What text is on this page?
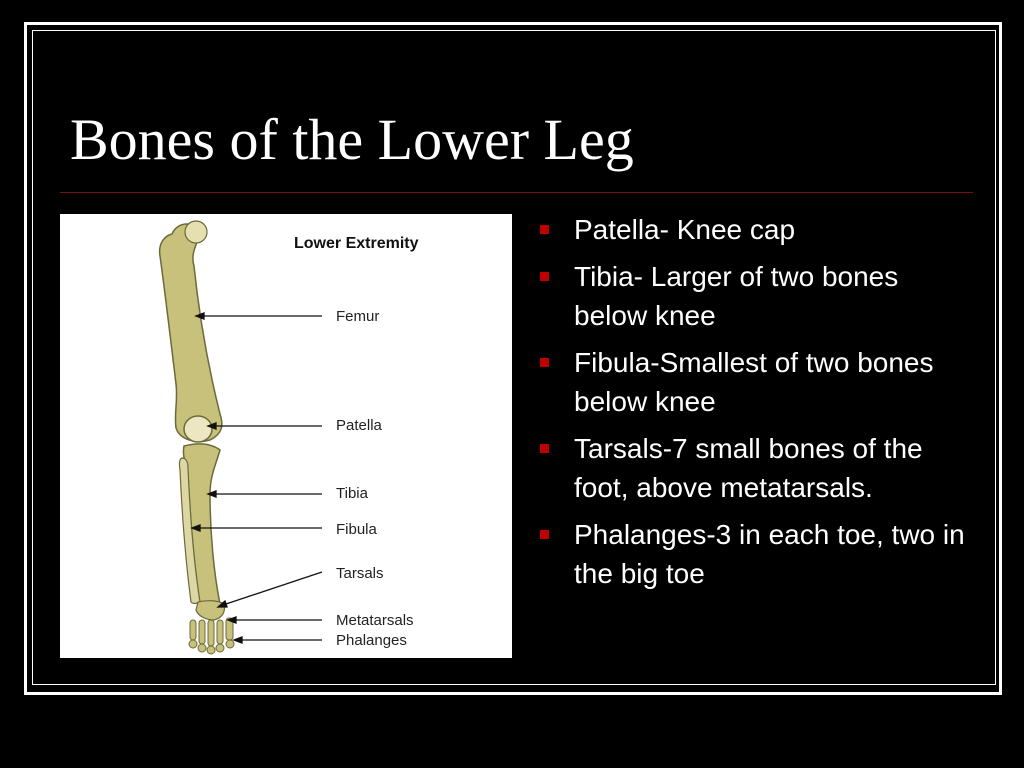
Bones of the Lower Leg
Lower Extremity
Femur
Patella
Tibia
Fibula
Tarsals
Metatarsals
Phalanges
Patella- Knee cap
Tibia- Larger of two bones below knee
Fibula-Smallest of two bones below knee
Tarsals-7 small bones of the foot, above metatarsals.
Phalanges-3 in each toe, two in the big toe
